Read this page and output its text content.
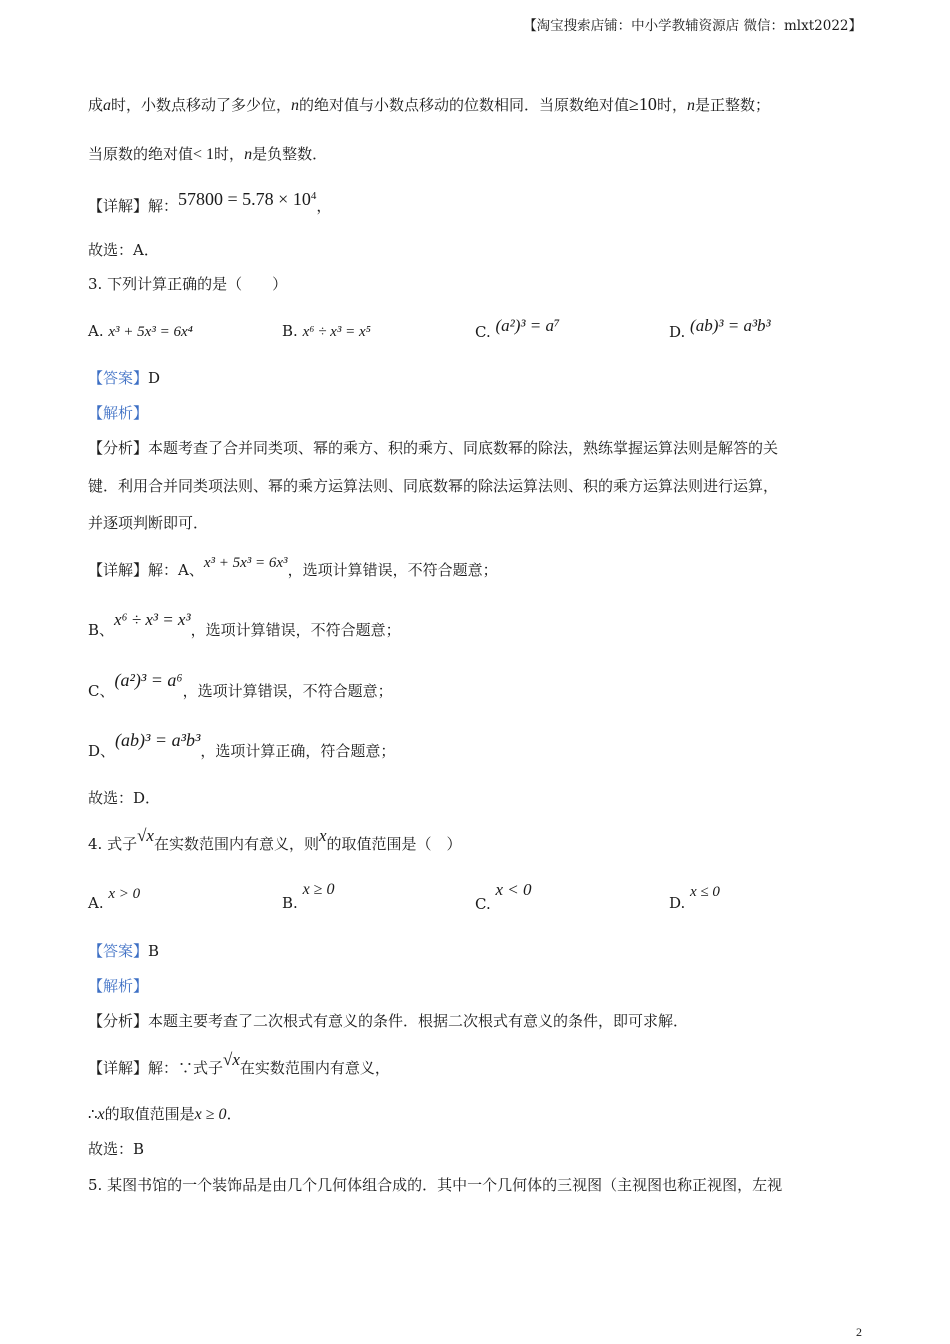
【淘宝搜索店铺：中小学教辅资源店 微信：mlxt2022】
成a时，小数点移动了多少位，n的绝对值与小数点移动的位数相同．当原数绝对值≥10时，n是正整数；
当原数的绝对值< 1时，n是负整数．
【详解】解：$57800 = 5.78 \times 10^4$，
故选：A．
3. 下列计算正确的是（　　）
A. x³ + 5x³ = 6x⁴	B. x⁶ ÷ x³ = x⁵	C. (a²)³ = a⁷	D. (ab)³ = a³b³
【答案】D
【解析】
【分析】本题考查了合并同类项、幂的乘方、积的乘方、同底数幂的除法，熟练掌握运算法则是解答的关
键．利用合并同类项法则、幂的乘方运算法则、同底数幂的除法运算法则、积的乘方运算法则进行运算，
并逐项判断即可．
【详解】解：A、x³ + 5x³ = 6x³，选项计算错误，不符合题意；
B、x⁶ ÷ x³ = x³，选项计算错误，不符合题意；
C、(a²)³ = a⁶，选项计算错误，不符合题意；
D、(ab)³ = a³b³，选项计算正确，符合题意；
故选：D．
4. 式子√x在实数范围内有意义，则x的取值范围是（　）
A. x > 0	B. x ≥ 0
C. x < 0
D. x ≤ 0
【答案】B
【解析】
【分析】本题主要考查了二次根式有意义的条件．根据二次根式有意义的条件，即可求解．
【详解】解：∵式子√x在实数范围内有意义，
∴x的取值范围是x ≥ 0．
故选：B
5. 某图书馆的一个装饰品是由几个几何体组合成的．其中一个几何体的三视图（主视图也称正视图，左视
2
